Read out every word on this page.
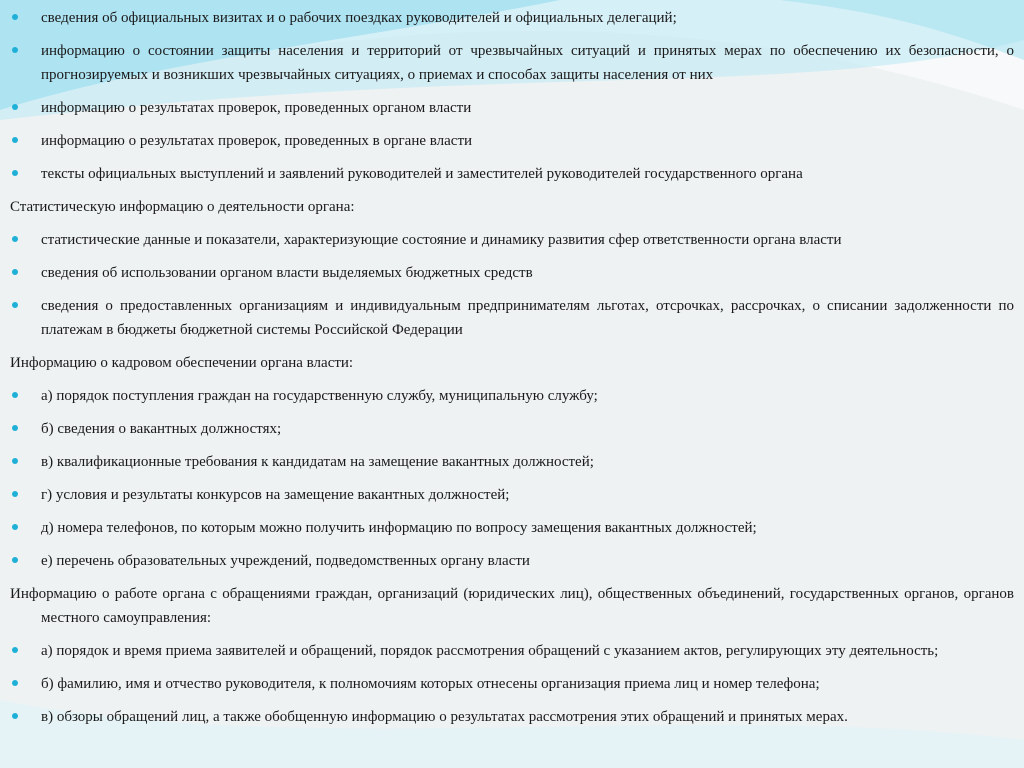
сведения об официальных визитах и о рабочих поездках руководителей и официальных делегаций;
информацию о состоянии защиты населения и территорий от чрезвычайных ситуаций и принятых мерах по обеспечению их безопасности, о прогнозируемых и возникших чрезвычайных ситуациях, о приемах и способах защиты населения от них
информацию о результатах проверок, проведенных органом власти
информацию о результатах проверок, проведенных в органе власти
тексты официальных выступлений и заявлений руководителей и заместителей руководителей государственного органа
Статистическую информацию о деятельности органа:
статистические данные и показатели, характеризующие состояние и динамику развития сфер ответственности органа власти
сведения об использовании органом власти выделяемых бюджетных средств
сведения о предоставленных организациям и индивидуальным предпринимателям льготах, отсрочках, рассрочках, о списании задолженности по платежам в бюджеты бюджетной системы Российской Федерации
Информацию о кадровом обеспечении органа власти:
а) порядок поступления граждан на государственную службу, муниципальную службу;
б) сведения о вакантных должностях;
в) квалификационные требования к кандидатам на замещение вакантных должностей;
г) условия и результаты конкурсов на замещение вакантных должностей;
д) номера телефонов, по которым можно получить информацию по вопросу замещения вакантных должностей;
е) перечень образовательных учреждений, подведомственных органу власти
Информацию о работе органа с обращениями граждан, организаций (юридических лиц), общественных объединений, государственных органов, органов местного самоуправления:
а) порядок и время приема заявителей и обращений, порядок рассмотрения обращений с указанием актов, регулирующих эту деятельность;
б) фамилию, имя и отчество руководителя, к полномочиям которых отнесены организация приема лиц и номер телефона;
в) обзоры обращений лиц, а также обобщенную информацию о результатах рассмотрения этих обращений и принятых мерах.
